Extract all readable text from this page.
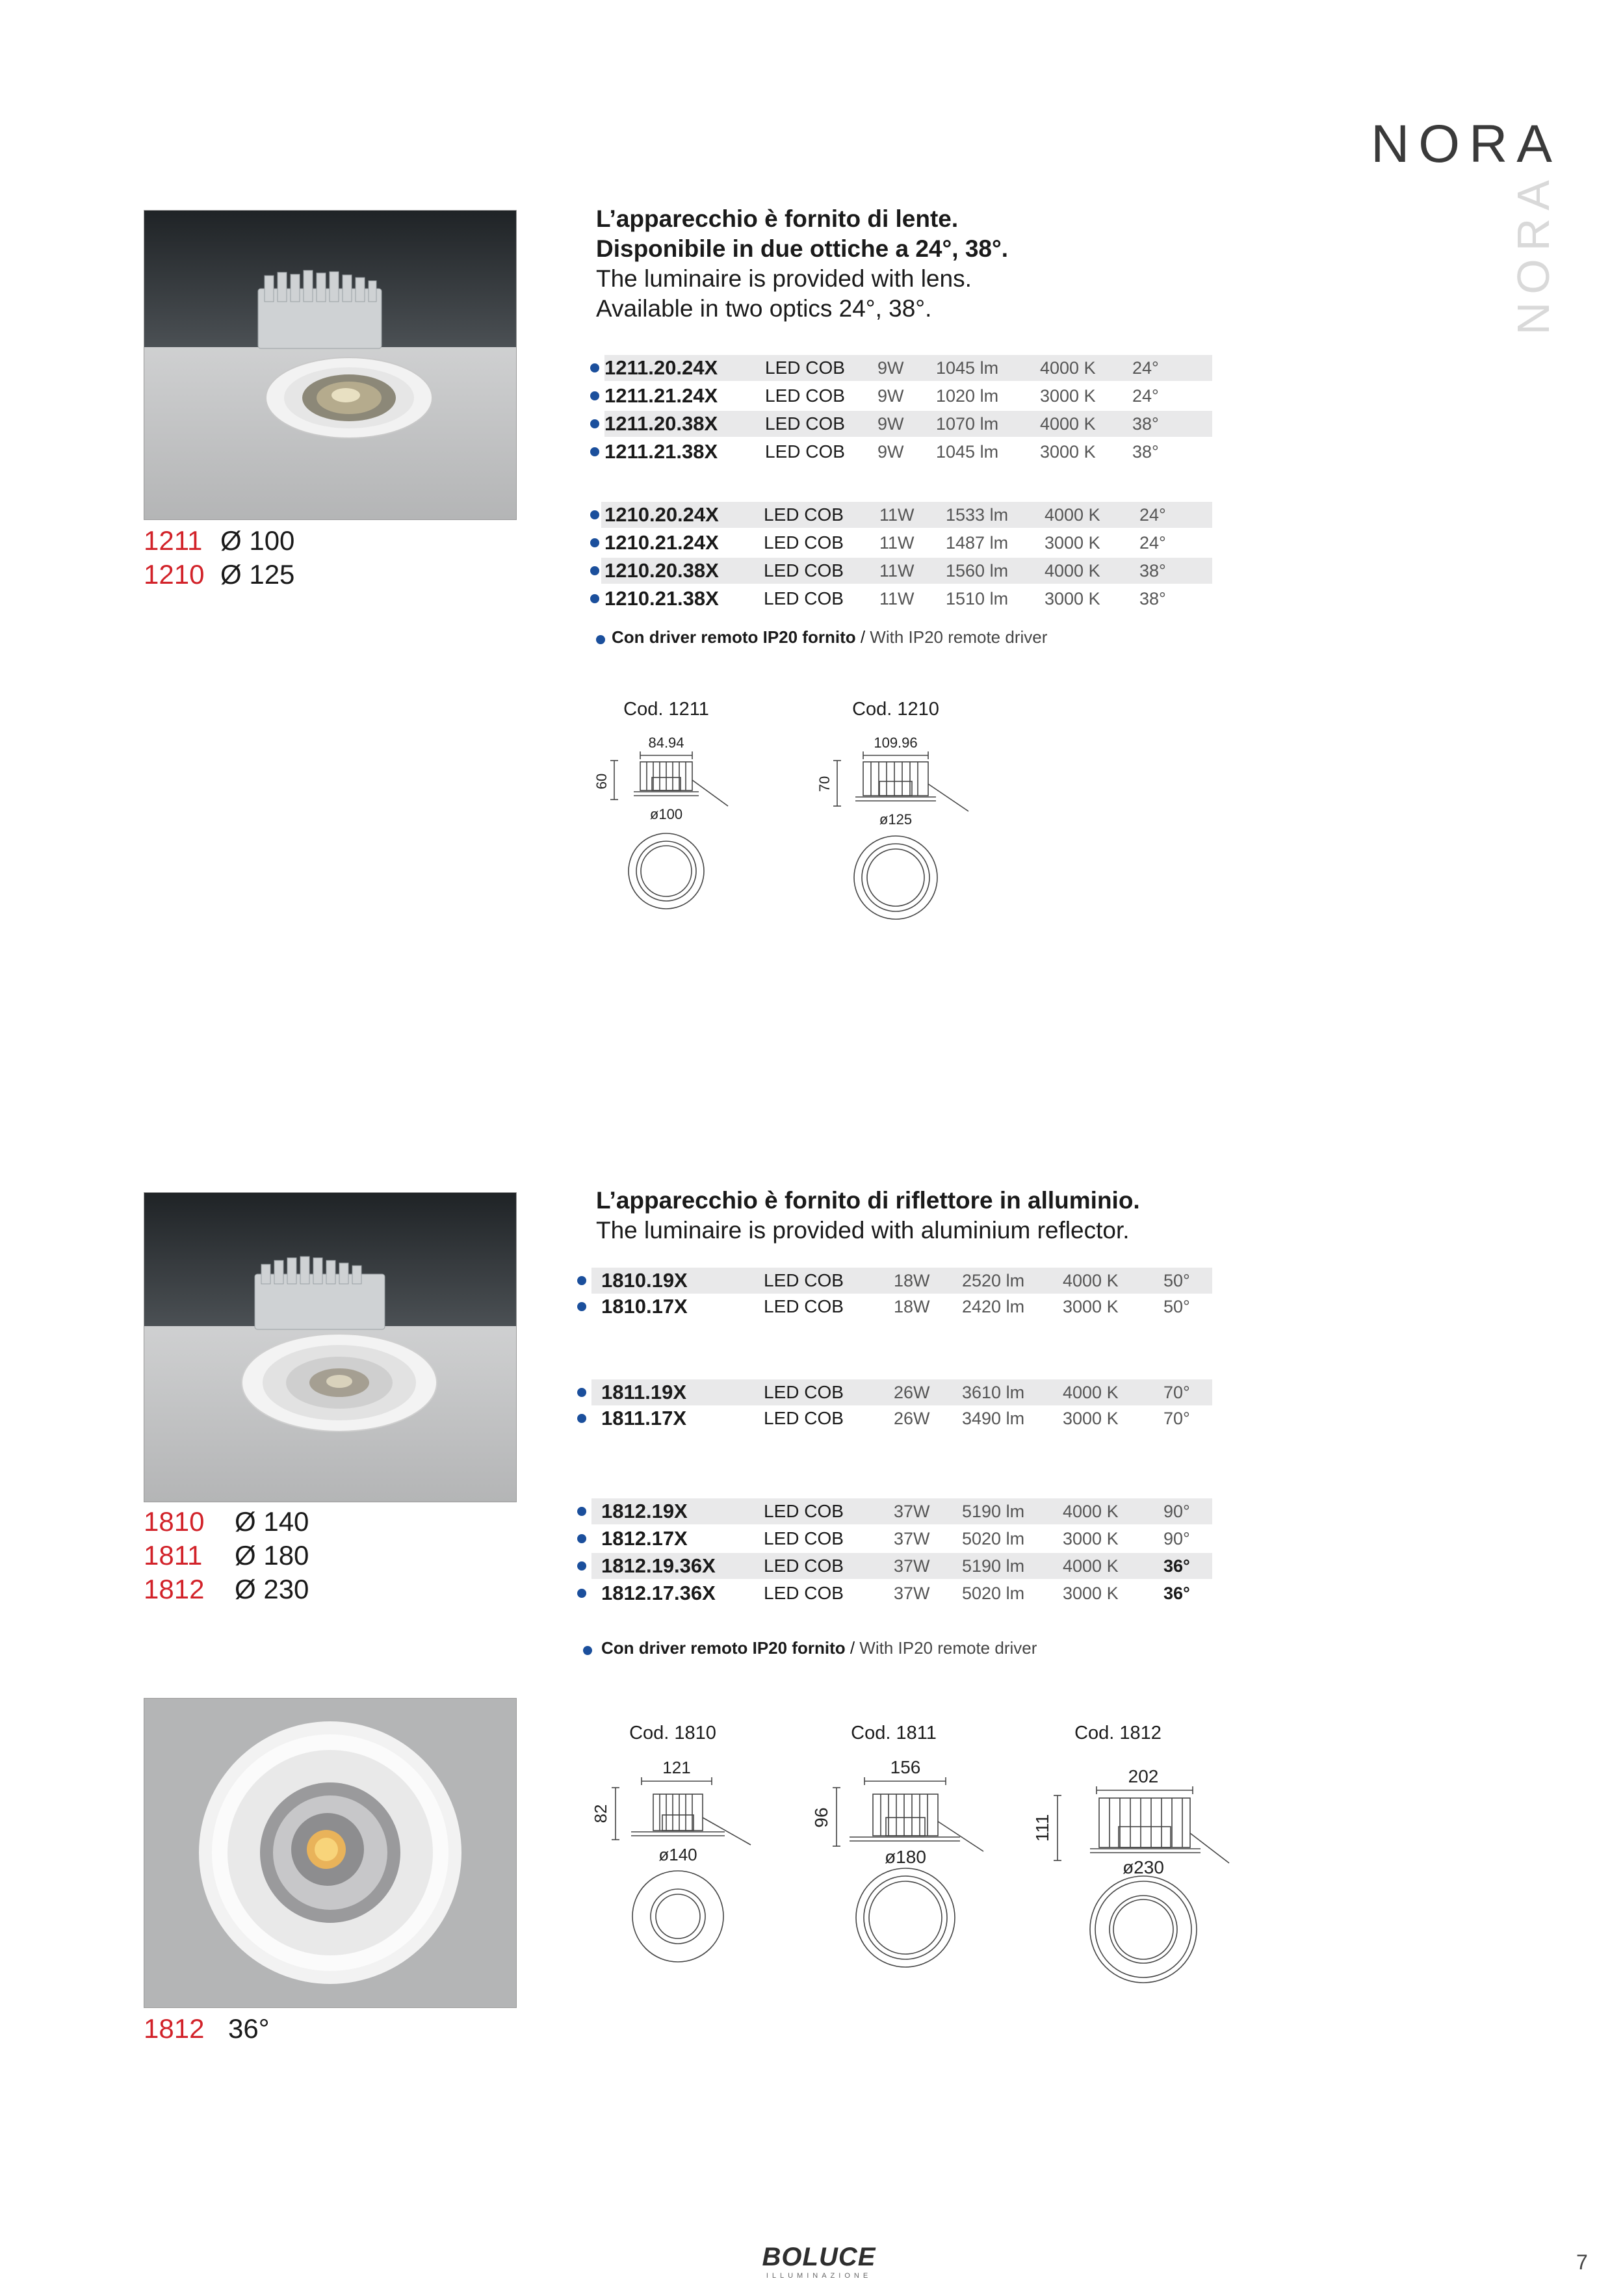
NORA
NORA
1211 Ø 100
1210 Ø 125
L’apparecchio è fornito di lente.
Disponibile in due ottiche a 24°, 38°.
The luminaire is provided with lens.
Available in two optics 24°, 38°.
1211.20.24X	LED COB 9W 1045 lm 4000 K 24°
1211.21.24X	LED COB 9W 1020 lm 3000 K 24°
1211.20.38X	LED COB 9W 1070 lm 4000 K 38°
1211.21.38X	LED COB 9W 1045 lm 3000 K 38°
1210.20.24X LED COB 11W 1533 lm 4000 K 24°
1210.21.24X LED COB 11W 1487 lm 3000 K 24°
1210.20.38X LED COB 11W 1560 lm 4000 K 38°
1210.21.38X LED COB 11W 1510 lm 3000 K 38°
Con driver remoto IP20 fornito / With IP20 remote driver
Cod. 1211	Cod. 1210
84.94
60
ø100
109.96
70
ø125
1810 Ø 140
1811 Ø 180
1812 Ø 230
1812 36°
L’apparecchio è fornito di riflettore in alluminio.
The luminaire is provided with aluminium reflector.
1810.19X	LED COB	18W 2520 lm 4000 K	50°
1810.17X	LED COB	18W 2420 lm 3000 K	50°
1811.19X	LED COB	26W 3610 lm 4000 K	70°
1811.17X	LED COB	26W 3490 lm 3000 K	70°
1812.19X	LED COB	37W 5190 lm 4000 K	90°
1812.17X	LED COB	37W 5020 lm 3000 K	90°
1812.19.36X	LED COB	37W 5190 lm 4000 K	36°
1812.17.36X	LED COB	37W 5020 lm 3000 K	36°
Con driver remoto IP20 fornito / With IP20 remote driver
Cod. 1810	Cod. 1811	Cod. 1812
121
82
ø140
156
96
ø180
202
111
ø230
BOLUCE
ILLUMINAZIONE
7
